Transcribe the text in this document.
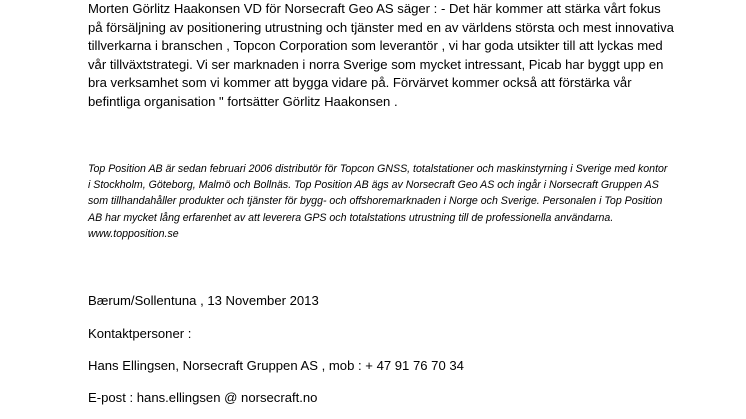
Morten Görlitz Haakonsen VD för Norsecraft Geo AS säger : - Det här kommer att stärka vårt fokus på försäljning av positionering utrustning och tjänster med en av världens största och mest innovativa tillverkarna i branschen , Topcon Corporation som leverantör , vi har goda utsikter till att lyckas med vår tillväxtstrategi. Vi ser marknaden i norra Sverige som mycket intressant, Picab har byggt upp en bra verksamhet som vi kommer att bygga vidare på. Förvärvet kommer också att förstärka vår befintliga organisation " fortsätter Görlitz Haakonsen .

Top Position AB är sedan februari 2006 distributör för Topcon GNSS, totalstationer och maskinstyrning i Sverige med kontor i Stockholm, Göteborg, Malmö och Bollnäs. Top Position AB ägs av Norsecraft Geo AS och ingår i Norsecraft Gruppen AS som tillhandahåller produkter och tjänster för bygg- och offshoremarknaden i Norge och Sverige. Personalen i Top Position AB har mycket lång erfarenhet av att leverera GPS och totalstations utrustning till de professionella användarna. www.topposition.se

Bærum/Sollentuna , 13 November 2013

Kontaktpersoner :

Hans Ellingsen, Norsecraft Gruppen AS , mob : + 47 91 76 70 34

E-post : hans.ellingsen @ norsecraft.no
